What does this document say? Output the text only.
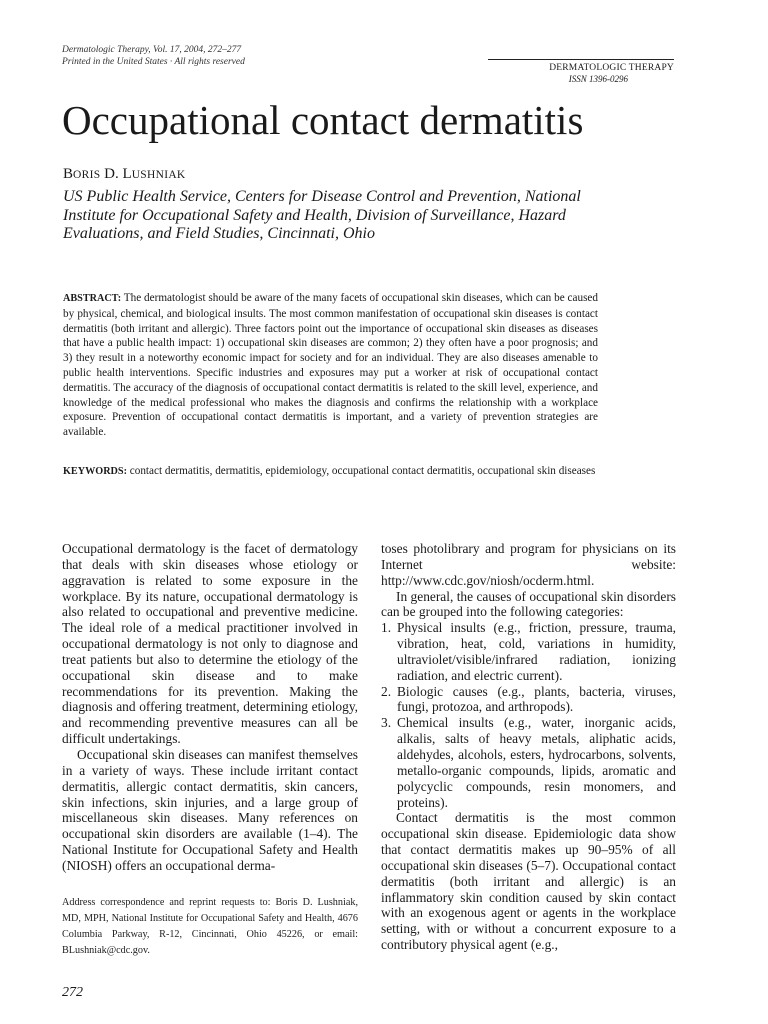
Dermatologic Therapy, Vol. 17, 2004, 272–277
Printed in the United States · All rights reserved
DERMATOLOGIC THERAPY
ISSN 1396-0296
Occupational contact dermatitis
BORIS D. LUSHNIAK
US Public Health Service, Centers for Disease Control and Prevention, National Institute for Occupational Safety and Health, Division of Surveillance, Hazard Evaluations, and Field Studies, Cincinnati, Ohio
ABSTRACT: The dermatologist should be aware of the many facets of occupational skin diseases, which can be caused by physical, chemical, and biological insults. The most common manifestation of occupational skin diseases is contact dermatitis (both irritant and allergic). Three factors point out the importance of occupational skin diseases as diseases that have a public health impact: 1) occupational skin diseases are common; 2) they often have a poor prognosis; and 3) they result in a noteworthy economic impact for society and for an individual. They are also diseases amenable to public health interventions. Specific industries and exposures may put a worker at risk of occupational contact dermatitis. The accuracy of the diagnosis of occupational contact dermatitis is related to the skill level, experience, and knowledge of the medical professional who makes the diagnosis and confirms the relationship with a workplace exposure. Prevention of occupational contact dermatitis is important, and a variety of prevention strategies are available.
KEYWORDS: contact dermatitis, dermatitis, epidemiology, occupational contact dermatitis, occupational skin diseases

Occupational dermatology is the facet of dermatology that deals with skin diseases whose etiology or aggravation is related to some exposure in the workplace. By its nature, occupational dermatology is also related to occupational and preventive medicine. The ideal role of a medical practitioner involved in occupational dermatology is not only to diagnose and treat patients but also to determine the etiology of the occupational skin disease and to make recommendations for its prevention. Making the diagnosis and offering treatment, determining etiology, and recommending preventive measures can all be difficult undertakings.

Occupational skin diseases can manifest themselves in a variety of ways. These include irritant contact dermatitis, allergic contact dermatitis, skin cancers, skin infections, skin injuries, and a large group of miscellaneous skin diseases. Many references on occupational skin disorders are available (1–4). The National Institute for Occupational Safety and Health (NIOSH) offers an occupational derma-

toses photolibrary and program for physicians on its Internet website: http://www.cdc.gov/niosh/ocderm.html.

In general, the causes of occupational skin disorders can be grouped into the following categories:

1. Physical insults (e.g., friction, pressure, trauma, vibration, heat, cold, variations in humidity, ultraviolet/visible/infrared radiation, ionizing radiation, and electric current).
2. Biologic causes (e.g., plants, bacteria, viruses, fungi, protozoa, and arthropods).
3. Chemical insults (e.g., water, inorganic acids, alkalis, salts of heavy metals, aliphatic acids, aldehydes, alcohols, esters, hydrocarbons, solvents, metallo-organic compounds, lipids, aromatic and polycyclic compounds, resin monomers, and proteins).

Contact dermatitis is the most common occupational skin disease. Epidemiologic data show that contact dermatitis makes up 90–95% of all occupational skin diseases (5–7). Occupational contact dermatitis (both irritant and allergic) is an inflammatory skin condition caused by skin contact with an exogenous agent or agents in the workplace setting, with or without a concurrent exposure to a contributory physical agent (e.g.,

Address correspondence and reprint requests to: Boris D. Lushniak, MD, MPH, National Institute for Occupational Safety and Health, 4676 Columbia Parkway, R-12, Cincinnati, Ohio 45226, or email: BLushniak@cdc.gov.
272
